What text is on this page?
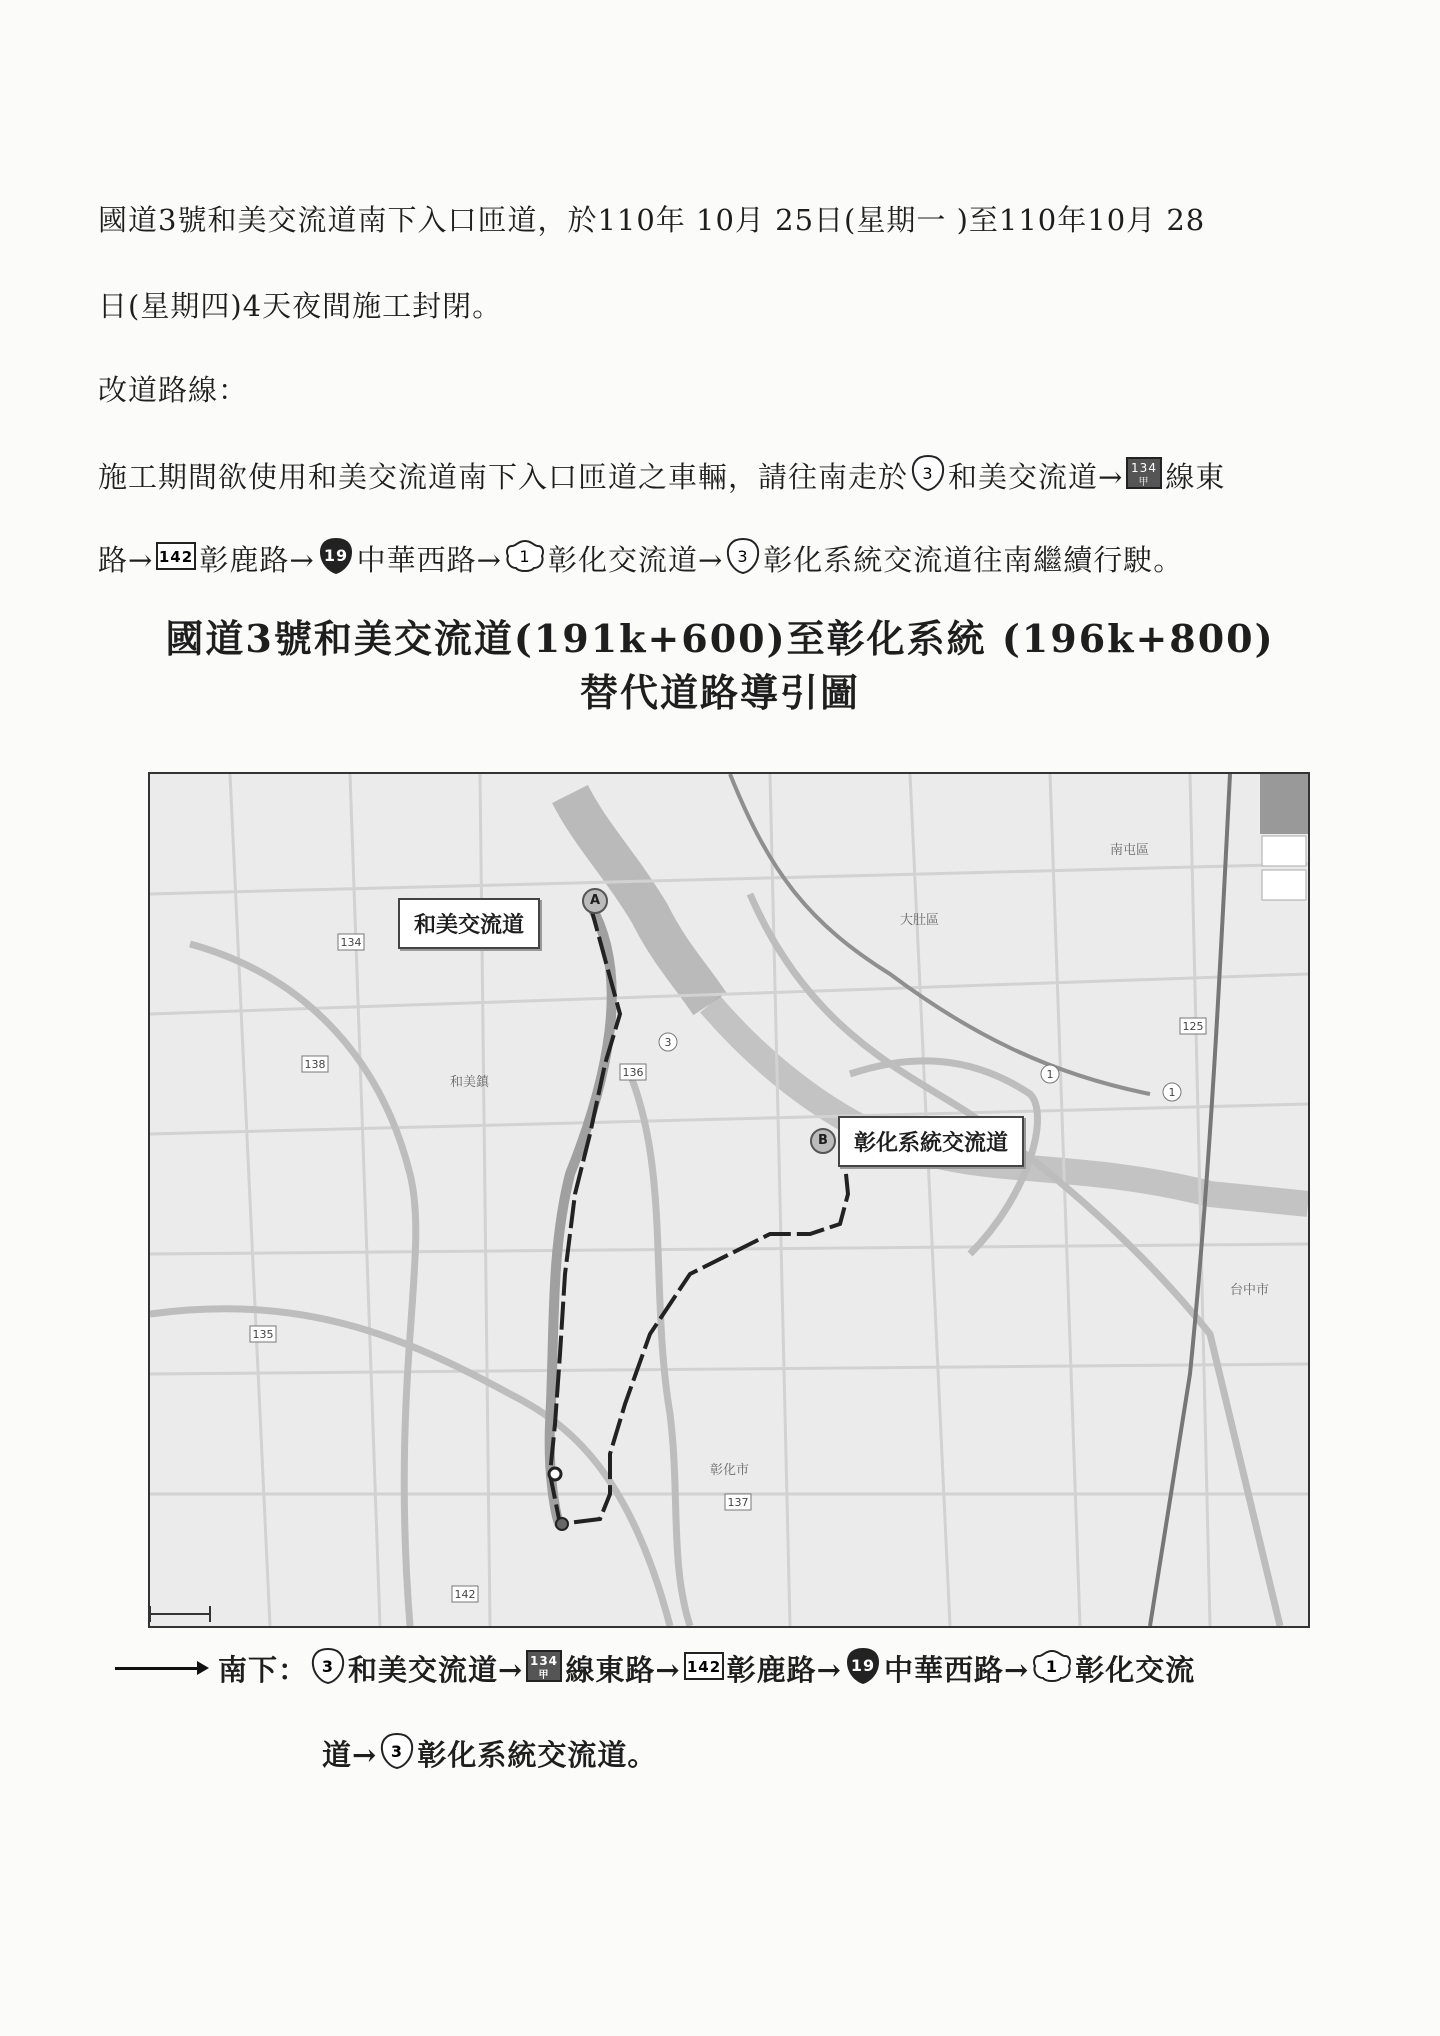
國道3號和美交流道南下入口匝道，於110年 10月 25日(星期一 )至110年10月 28
日(星期四)4天夜間施工封閉。
改道路線：
施工期間欲使用和美交流道南下入口匝道之車輛，請往南走於 3 和美交流道→ 134
甲 線東
路→ 142 彰鹿路→ 19 中華西路→ 1 彰化交流道→ 3 彰化系統交流道往南繼續行駛。
國道3號和美交流道(191k+600)至彰化系統 (196k+800)
替代道路導引圖
134
136
138
135
137
142
125
1
3
1
和美鎮
彰化市
台中市
大肚區
南屯區
和美交流道
A
彰化系統交流道
B
南下： 3 和美交流道→ 134
甲 線東路→ 142 彰鹿路→ 19 中華西路→ 1 彰化交流
道→ 3 彰化系統交流道。
